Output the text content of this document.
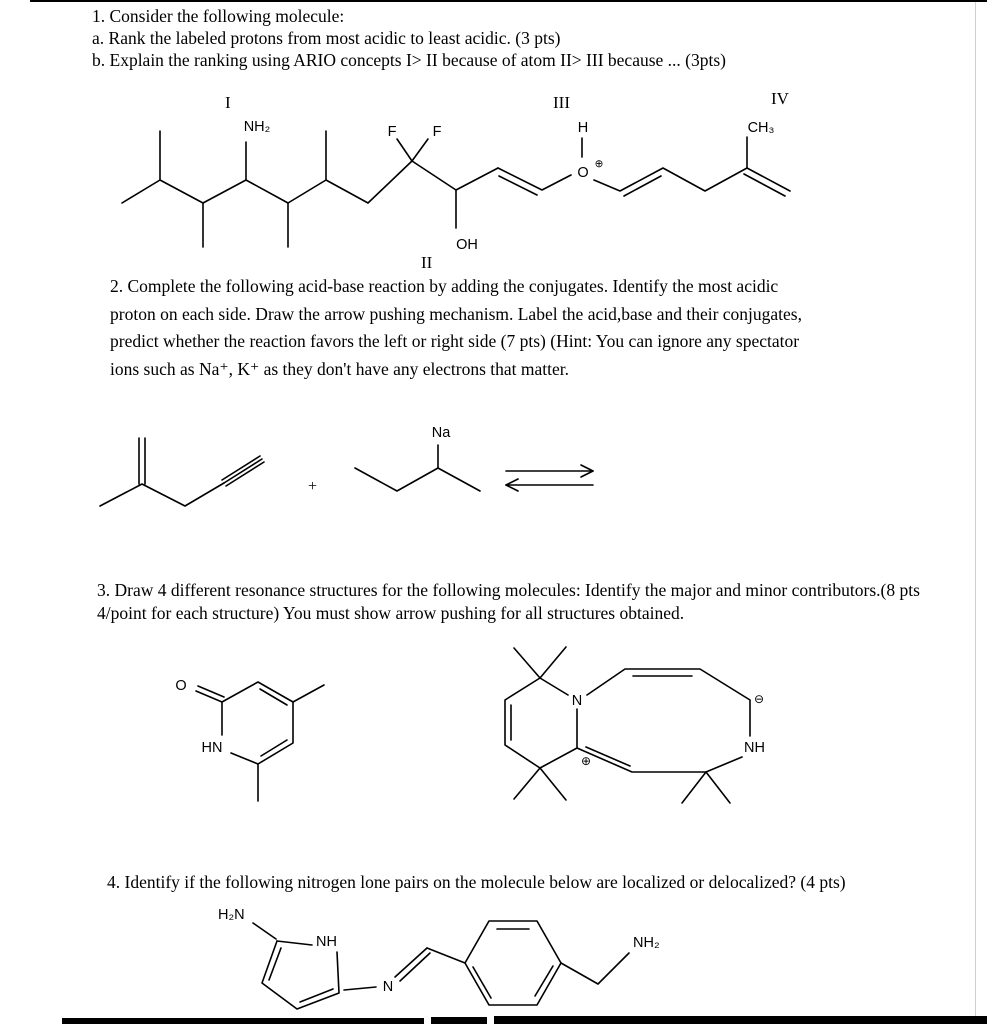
1. Consider the following molecule:
a. Rank the labeled protons from most acidic to least acidic. (3 pts)
b. Explain the ranking using ARIO concepts I> II because of atom II> III because ... (3pts)
2. Complete the following acid-base reaction by adding the conjugates. Identify the most acidic proton on each side. Draw the arrow pushing mechanism. Label the acid,base and their conjugates, predict whether the reaction favors the left or right side (7 pts) (Hint: You can ignore any spectator ions such as Na⁺, K⁺ as they don't have any electrons that matter.
3. Draw 4 different resonance structures for the following molecules: Identify the major and minor contributors.(8 pts 4/point for each structure) You must show arrow pushing for all structures obtained.
4. Identify if the following nitrogen lone pairs on the molecule below are localized or delocalized? (4 pts)
I
NH₂	F F
III
H
IV
CH₃
O
⊕
OH
II
+
Na
O
HN
N
⊕
⊖
NH
H₂N
NH
N
NH₂
